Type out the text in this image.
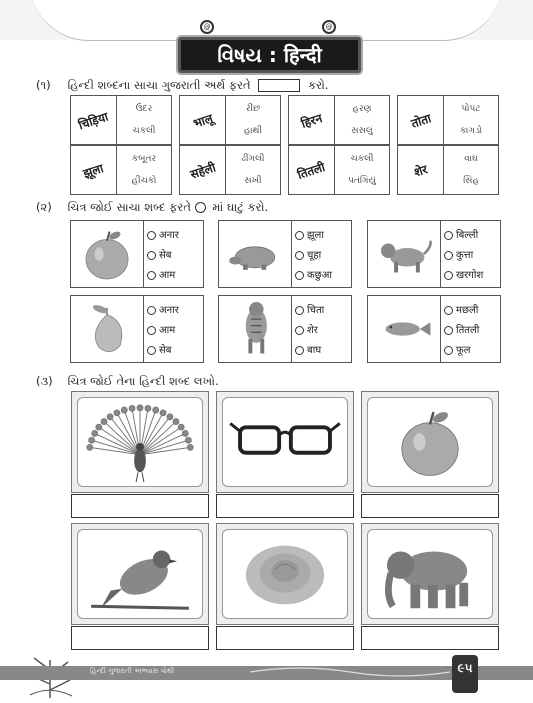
@	@
વિષય : हिन्दी
(૧) હિન્દી શબ્દના સાચા ગુજરાતી અર્થ ફરતે	કરો.
चिड़िया
ઉંદર
ચકલી
भालू
રીંછ
હાથી
हिरन
હરણ
સસલું
तोता
પોપટ
કાગડો
झूला
કબૂતર
હીંચકો	सहेली
ઢીંગલી
સખી	तितली
ચકલી
પતંગિયું
शेर
વાઘ
સિંહ
(૨) ચિત્ર જોઈ સાચા શબ્દ ફરતે માં ઘાટું કરો.
अनार
सेब
आम
झूला
चूहा
कछुआ
बिल्ली
कुत्ता
खरगोश
अनार
आम
सेब
चिता
शेर
बाघ
मछली
तितली
फूल
(૩) ચિત્ર જોઈ તેના હિન્દી શબ્દ લખો.
હિન્દી ગુજરાતી અભ્યાસ પોથી	૯૫
